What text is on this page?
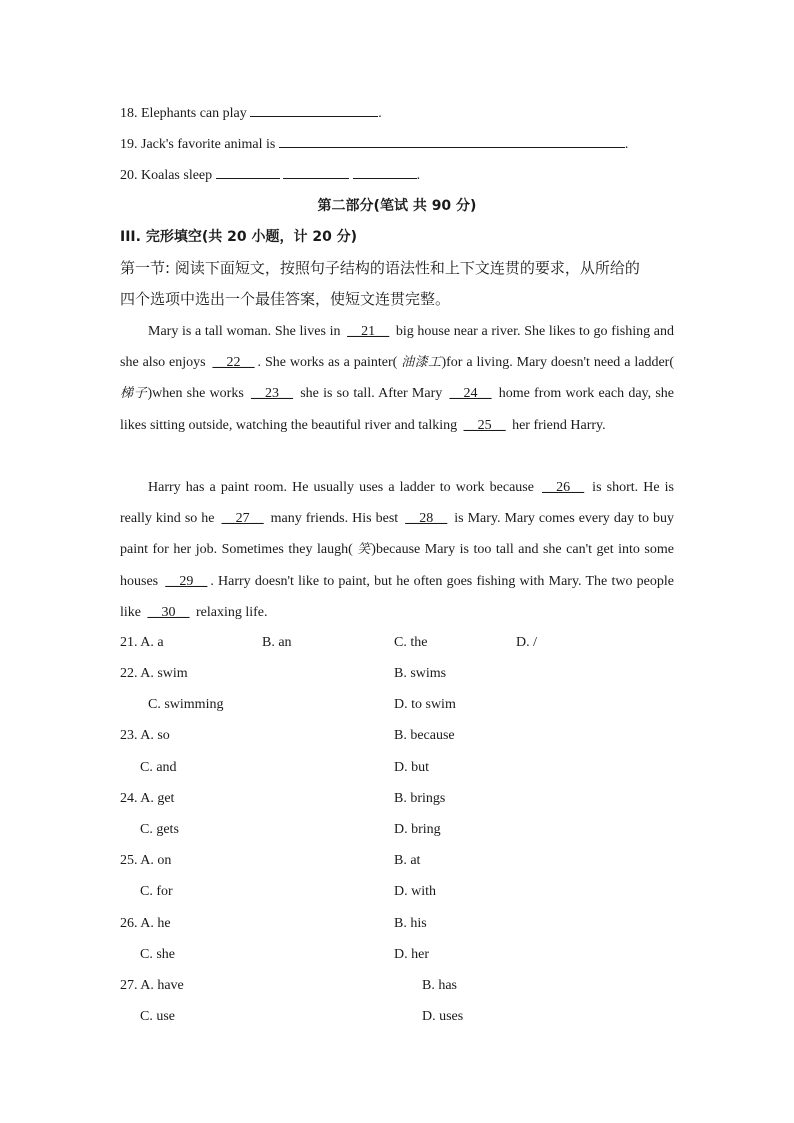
18. Elephants can play	.
19. Jack's favorite animal is	.
20. Koalas sleep	.
第二部分(笔试 共 90 分)
III. 完形填空(共 20 小题，计 20 分)
第一节: 阅读下面短文，按照句子结构的语法性和上下文连贯的要求，从所给的
四个选项中选出一个最佳答案，使短文连贯完整。
Mary is a tall woman. She lives in __21__ big house near a river. She likes to go fishing and she also enjoys __22__ . She works as a painter( 油漆工)for a living. Mary doesn't need a ladder( 梯子)when she works __23__ she is so tall. After Mary __24__ home from work each day, she likes sitting outside, watching the beautiful river and talking __25__ her friend Harry.
Harry has a paint room. He usually uses a ladder to work because __26__ is short. He is really kind so he __27__ many friends. His best __28__ is Mary. Mary comes every day to buy paint for her job. Sometimes they laugh( 笑)because Mary is too tall and she can't get into some houses __29__ . Harry doesn't like to paint, but he often goes fishing with Mary. The two people like __30__ relaxing life.
21. A. a	B. an	C. the	D. /
22. A. swim	B. swims
C. swimming	D. to swim
23. A. so	B. because
C. and	D. but
24. A. get	B. brings
C. gets	D. bring
25. A. on	B. at
C. for	D. with
26. A. he	B. his
C. she	D. her
27. A. have	B. has
C. use	D. uses
